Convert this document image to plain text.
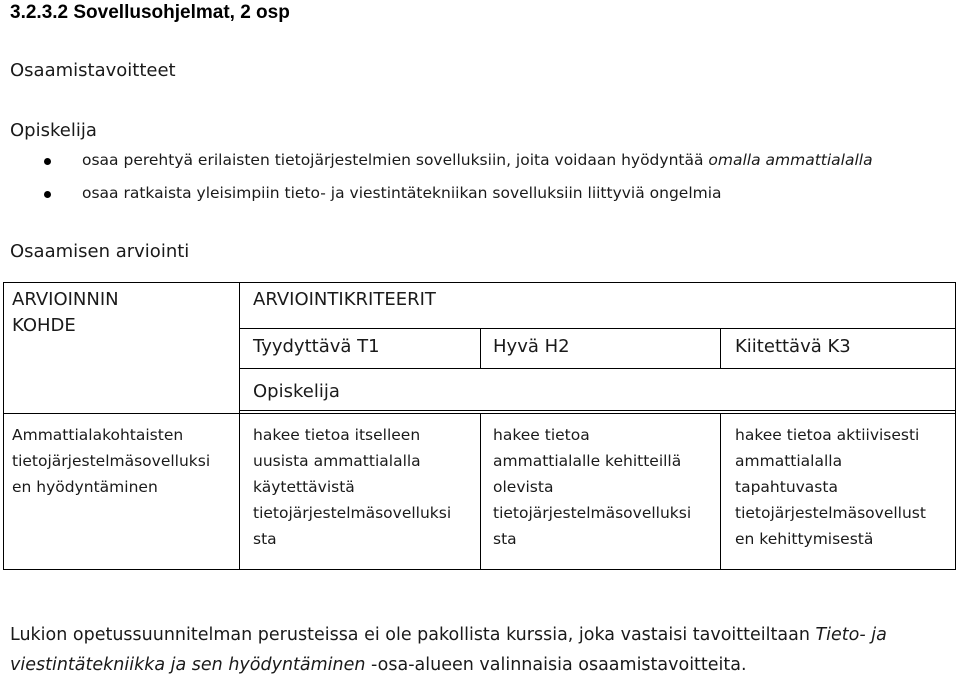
3.2.3.2 Sovellusohjelmat, 2 osp
Osaamistavoitteet
Opiskelija
osaa perehtyä erilaisten tietojärjestelmien sovelluksiin, joita voidaan hyödyntää omalla ammattialalla
osaa ratkaista yleisimpiin tieto- ja viestintätekniikan sovelluksiin liittyviä ongelmia
Osaamisen arviointi
ARVIOINNIN
KOHDE
ARVIOINTIKRITEERIT
Tyydyttävä T1	Hyvä H2	Kiitettävä K3
Opiskelija
Ammattialakohtaisten
tietojärjestelmäsovelluksi
en hyödyntäminen
hakee tietoa itselleen
uusista ammattialalla
käytettävistä
tietojärjestelmäsovelluksi
sta
hakee tietoa
ammattialalle kehitteillä
olevista
tietojärjestelmäsovelluksi
sta
hakee tietoa aktiivisesti
ammattialalla
tapahtuvasta
tietojärjestelmäsovellust
en kehittymisestä
Lukion opetussuunnitelman perusteissa ei ole pakollista kurssia, joka vastaisi tavoitteiltaan Tieto- ja
viestintätekniikka ja sen hyödyntäminen -osa-alueen valinnaisia osaamistavoitteita.
